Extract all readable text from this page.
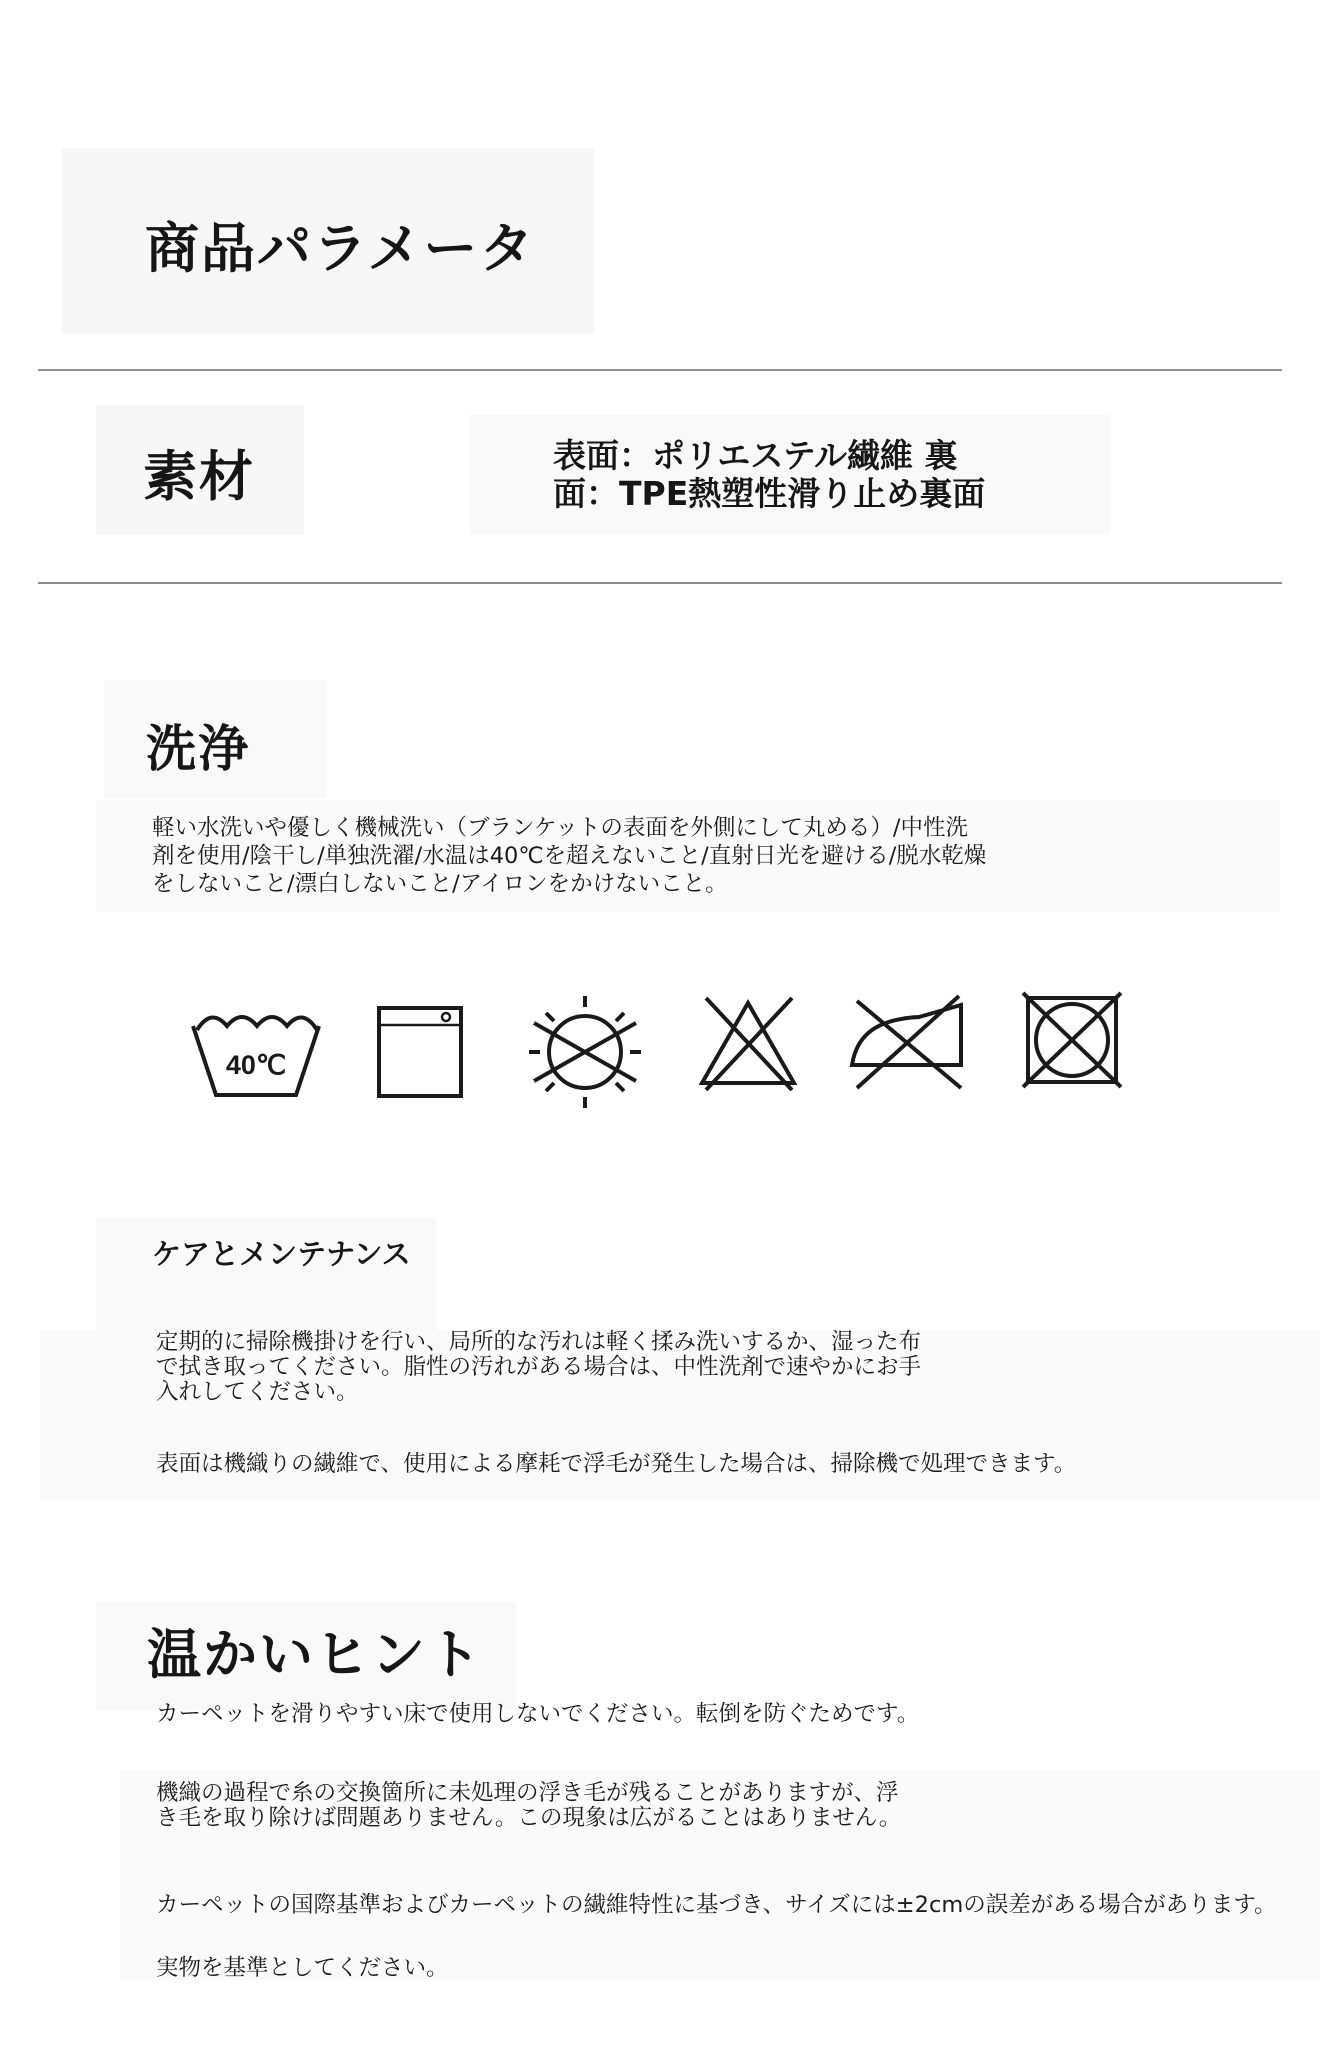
商品パラメータ
素材	表面：ポリエステル繊維 裏
面：TPE熱塑性滑り止め裏面
洗浄
軽い水洗いや優しく機械洗い（ブランケットの表面を外側にして丸める）/中性洗
剤を使用/陰干し/単独洗濯/水温は40℃を超えないこと/直射日光を避ける/脱水乾燥
をしないこと/漂白しないこと/アイロンをかけないこと。
40℃
ケアとメンテナンス
定期的に掃除機掛けを行い、局所的な汚れは軽く揉み洗いするか、湿った布
で拭き取ってください。脂性の汚れがある場合は、中性洗剤で速やかにお手
入れしてください。
表面は機織りの繊維で、使用による摩耗で浮毛が発生した場合は、掃除機で処理できます。
温かいヒント
カーペットを滑りやすい床で使用しないでください。転倒を防ぐためです。
機織の過程で糸の交換箇所に未処理の浮き毛が残ることがありますが、浮
き毛を取り除けば問題ありません。この現象は広がることはありません。
カーペットの国際基準およびカーペットの繊維特性に基づき、サイズには±2cmの誤差がある場合があります。
実物を基準としてください。
